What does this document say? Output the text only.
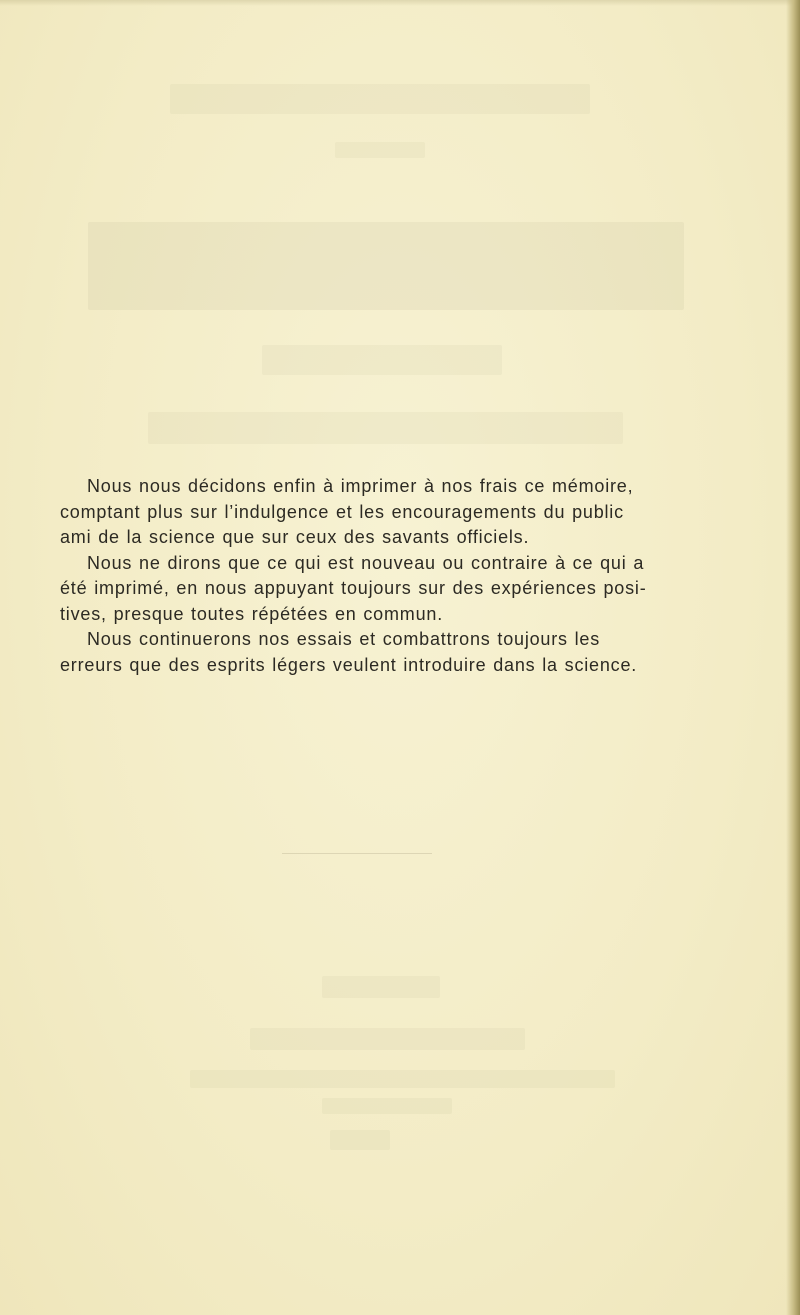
Nous nous décidons enfin à imprimer à nos frais ce mémoire,
comptant plus sur l’indulgence et les encouragements du public
ami de la science que sur ceux des savants officiels.

Nous ne dirons que ce qui est nouveau ou contraire à ce qui a
été imprimé, en nous appuyant toujours sur des expériences posi-
tives, presque toutes répétées en commun.

Nous continuerons nos essais et combattrons toujours les
erreurs que des esprits légers veulent introduire dans la science.
